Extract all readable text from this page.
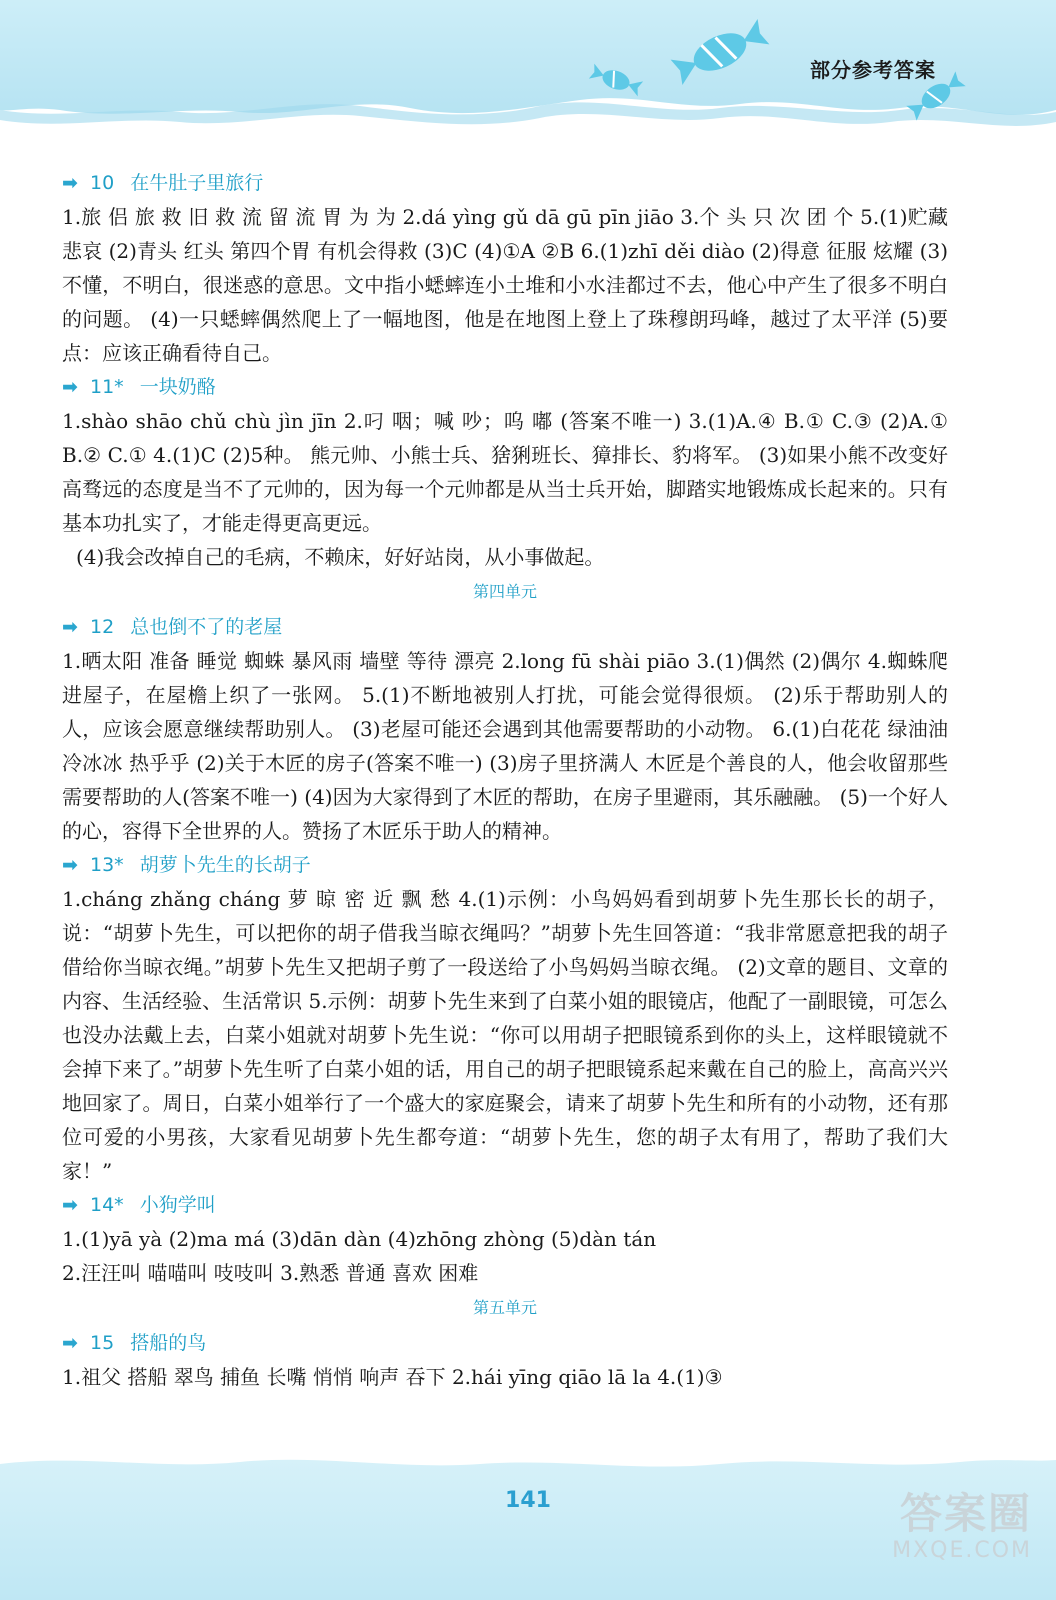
部分参考答案
➡ 10 在牛肚子里旅行
1.旅 侣 旅 救 旧 救 流 留 流 胃 为 为 2.dá yìng gǔ dā gū pīn jiāo 3.个 头 只 次 团 个 5.(1)贮藏 悲哀 (2)青头 红头 第四个胃 有机会得救 (3)C (4)①A ②B 6.(1)zhī děi diào (2)得意 征服 炫耀 (3)不懂，不明白，很迷惑的意思。文中指小蟋蟀连小土堆和小水洼都过不去，他心中产生了很多不明白的问题。 (4)一只蟋蟀偶然爬上了一幅地图，他是在地图上登上了珠穆朗玛峰，越过了太平洋 (5)要点：应该正确看待自己。
➡ 11* 一块奶酪
1.shào shāo chǔ chù jìn jīn 2.叼 咽；喊 吵；呜 嘟 (答案不唯一) 3.(1)A.④ B.① C.③ (2)A.① B.② C.① 4.(1)C (2)5种。 熊元帅、小熊士兵、猞猁班长、獐排长、豹将军。 (3)如果小熊不改变好高骛远的态度是当不了元帅的，因为每一个元帅都是从当士兵开始，脚踏实地锻炼成长起来的。只有基本功扎实了，才能走得更高更远。
(4)我会改掉自己的毛病，不赖床，好好站岗，从小事做起。
第四单元
➡ 12 总也倒不了的老屋
1.晒太阳 准备 睡觉 蜘蛛 暴风雨 墙壁 等待 漂亮 2.long fū shài piāo 3.(1)偶然 (2)偶尔 4.蜘蛛爬进屋子，在屋檐上织了一张网。 5.(1)不断地被别人打扰，可能会觉得很烦。 (2)乐于帮助别人的人，应该会愿意继续帮助别人。 (3)老屋可能还会遇到其他需要帮助的小动物。 6.(1)白花花 绿油油 冷冰冰 热乎乎 (2)关于木匠的房子(答案不唯一) (3)房子里挤满人 木匠是个善良的人，他会收留那些需要帮助的人(答案不唯一) (4)因为大家得到了木匠的帮助，在房子里避雨，其乐融融。 (5)一个好人的心，容得下全世界的人。赞扬了木匠乐于助人的精神。
➡ 13* 胡萝卜先生的长胡子
1.cháng zhǎng cháng 萝 晾 密 近 飘 愁 4.(1)示例：小鸟妈妈看到胡萝卜先生那长长的胡子，说：“胡萝卜先生，可以把你的胡子借我当晾衣绳吗？”胡萝卜先生回答道：“我非常愿意把我的胡子借给你当晾衣绳。”胡萝卜先生又把胡子剪了一段送给了小鸟妈妈当晾衣绳。 (2)文章的题目、文章的内容、生活经验、生活常识 5.示例：胡萝卜先生来到了白菜小姐的眼镜店，他配了一副眼镜，可怎么也没办法戴上去，白菜小姐就对胡萝卜先生说：“你可以用胡子把眼镜系到你的头上，这样眼镜就不会掉下来了。”胡萝卜先生听了白菜小姐的话，用自己的胡子把眼镜系起来戴在自己的脸上，高高兴兴地回家了。周日，白菜小姐举行了一个盛大的家庭聚会，请来了胡萝卜先生和所有的小动物，还有那位可爱的小男孩，大家看见胡萝卜先生都夸道：“胡萝卜先生，您的胡子太有用了，帮助了我们大家！”
➡ 14* 小狗学叫
1.(1)yā yà (2)ma má (3)dān dàn (4)zhōng zhòng (5)dàn tán
2.汪汪叫 喵喵叫 吱吱叫 3.熟悉 普通 喜欢 困难
第五单元
➡ 15 搭船的鸟
1.祖父 搭船 翠鸟 捕鱼 长嘴 悄悄 响声 吞下 2.hái yīng qiāo lā la 4.(1)③
141	答案圈
MXQE.COM
